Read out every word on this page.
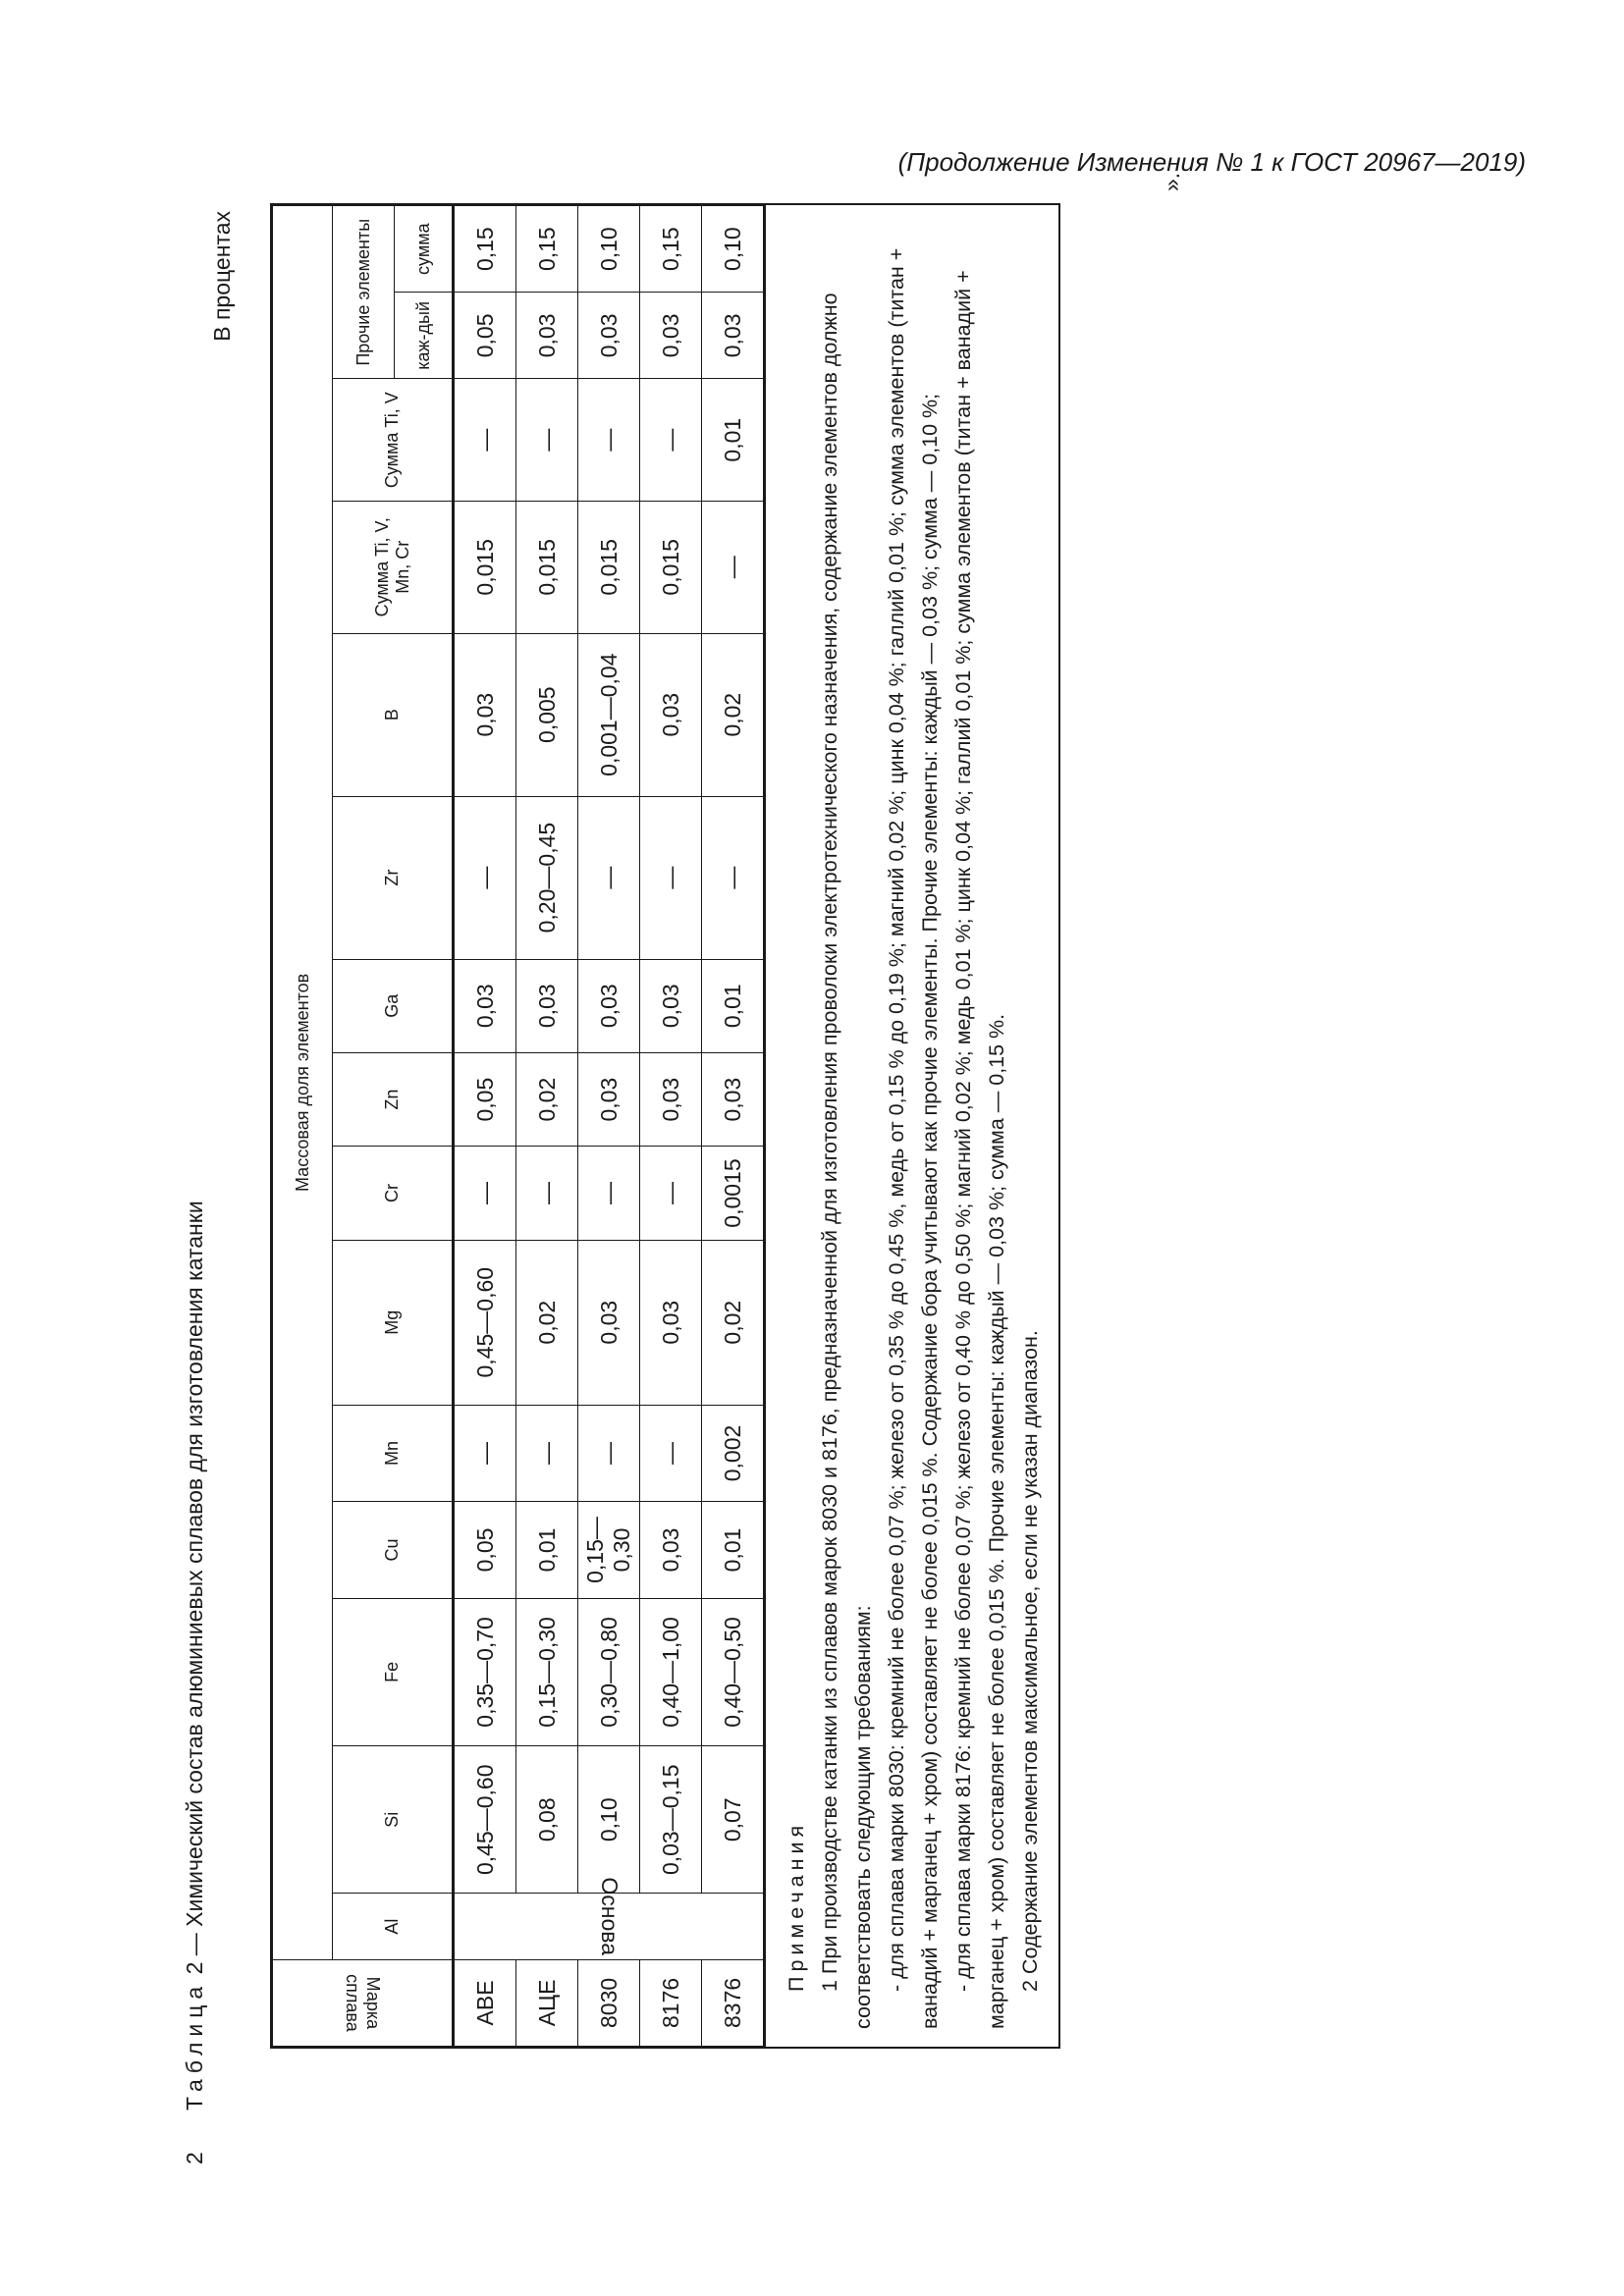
(Продолжение Изменения № 1 к ГОСТ 20967—2019)
2
Таблица 2 — Химический состав алюминиевых сплавов для изготовления катанки
В процентах
Марка сплава	Массовая доля элементов														
	Al	Si	Fe	Cu	Mn	Mg	Cr	Zn	Ga	Zr	B	Сумма Ti, V, Mn, Cr	Сумма Ti, V	Прочие элементы	
														каж-дый	сумма
АВЕ	Основа	0,45—0,60	0,35—0,70	0,05	—	0,45—0,60	—	0,05	0,03	—	0,03	0,015	—	0,05	0,15
АЦЕ		0,08	0,15—0,30	0,01	—	0,02	—	0,02	0,03	0,20—0,45	0,005	0,015	—	0,03	0,15
8030		0,10	0,30—0,80	0,15—0,30	—	0,03	—	0,03	0,03	—	0,001—0,04	0,015	—	0,03	0,10
8176		0,03—0,15	0,40—1,00	0,03	—	0,03	—	0,03	0,03	—	0,03	0,015	—	0,03	0,15
8376		0,07	0,40—0,50	0,01	0,002	0,02	0,0015	0,03	0,01	—	0,02	—	0,01	0,03	0,10

Примечания 1 При производстве катанки из сплавов марок 8030 и 8176, предназначенной для изготовления проволоки электротехнического назначения, содержание элементов должно соответствовать следующим требованиям: - для сплава марки 8030: кремний не более 0,07 %; железо от 0,35 % до 0,45 %, медь от 0,15 % до 0,19 %; магний 0,02 %; цинк 0,04 %; галлий 0,01 %; сумма элементов (титан + ванадий + марганец + хром) составляет не более 0,015 %. Содержание бора учитывают как прочие элементы. Прочие элементы: каждый — 0,03 %; сумма — 0,10 %; - для сплава марки 8176: кремний не более 0,07 %; железо от 0,40 % до 0,50 %; магний 0,02 %; медь 0,01 %; цинк 0,04 %; галлий 0,01 %; сумма элементов (титан + ванадий + марганец + хром) составляет не более 0,015 %. Прочие элементы: каждый — 0,03 %; сумма — 0,15 %. 2 Содержание элементов максимальное, если не указан диапазон.

».
